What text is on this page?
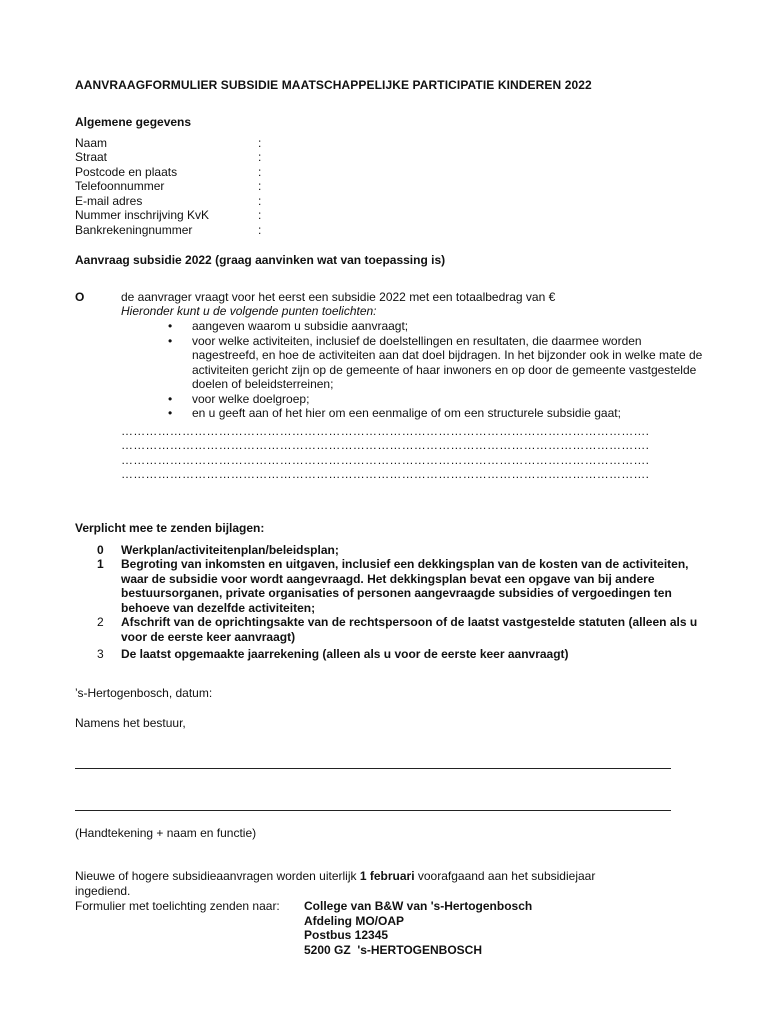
AANVRAAGFORMULIER SUBSIDIE MAATSCHAPPELIJKE PARTICIPATIE KINDEREN 2022
Algemene gegevens
Naam	:
Straat	:
Postcode en plaats	:
Telefoonnummer	:
E-mail adres	:
Nummer inschrijving KvK	:
Bankrekeningnummer	:
Aanvraag subsidie 2022 (graag aanvinken wat van toepassing is)
O	de aanvrager vraagt voor het eerst een subsidie 2022 met een totaalbedrag van €
Hieronder kunt u de volgende punten toelichten:
• aangeven waarom u subsidie aanvraagt;
• voor welke activiteiten, inclusief de doelstellingen en resultaten, die daarmee worden nagestreefd, en hoe de activiteiten aan dat doel bijdragen. In het bijzonder ook in welke mate de activiteiten gericht zijn op de gemeente of haar inwoners en op door de gemeente vastgestelde doelen of beleidsterreinen;
• voor welke doelgroep;
• en u geeft aan of het hier om een eenmalige of om een structurele subsidie gaat;
………………………………………………………………………………………………………………….
………………………………………………………………………………………………………………….
………………………………………………………………………………………………………………….
………………………………………………………………………………………………………………….
Verplicht mee te zenden bijlagen:
0 Werkplan/activiteitenplan/beleidsplan;
1 Begroting van inkomsten en uitgaven, inclusief een dekkingsplan van de kosten van de activiteiten, waar de subsidie voor wordt aangevraagd. Het dekkingsplan bevat een opgave van bij andere bestuursorganen, private organisaties of personen aangevraagde subsidies of vergoedingen ten behoeve van dezelfde activiteiten;
2 Afschrift van de oprichtingsakte van de rechtspersoon of de laatst vastgestelde statuten (alleen als u voor de eerste keer aanvraagt)
3 De laatst opgemaakte jaarrekening (alleen als u voor de eerste keer aanvraagt)
’s-Hertogenbosch, datum:
Namens het bestuur,
(Handtekening + naam en functie)
Nieuwe of hogere subsidieaanvragen worden uiterlijk 1 februari voorafgaand aan het subsidiejaar
ingediend.
Formulier met toelichting zenden naar: College van B&W van 's-Hertogenbosch
Afdeling MO/OAP
Postbus 12345
5200 GZ  's-HERTOGENBOSCH
